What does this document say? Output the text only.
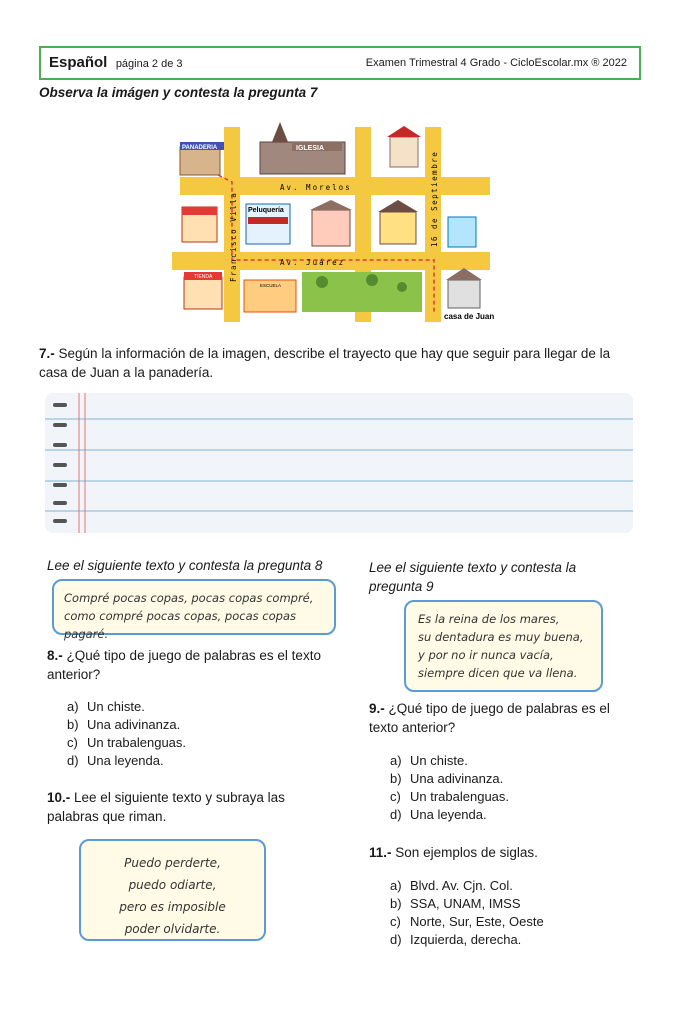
Español página 2 de 3	Examen Trimestral 4 Grado - CicloEscolar.mx ® 2022
Observa la imágen y contesta la pregunta 7
PANADERIA	IGLESIA
Peluquería
TIENDA
ESCUELA
Av. Morelos
Av. Juárez
Francisco Villa	16 de Septiembre
casa de Juan
7.- Según la información de la imagen, describe el trayecto que hay que seguir para llegar de la casa de Juan a la panadería.
Lee el siguiente texto y contesta la pregunta 8
Compré pocas copas, pocas copas compré,
como compré pocas copas, pocas copas pagaré.
8.- ¿Qué tipo de juego de palabras es el texto anterior?
a) Un chiste.
b) Una adivinanza.
c) Un trabalenguas.
d) Una leyenda.
10.- Lee el siguiente texto y subraya las palabras que riman.
Puedo perderte,
puedo odiarte,
pero es imposible
poder olvidarte.
Lee el siguiente texto y contesta la pregunta 9
Es la reina de los mares,
su dentadura es muy buena,
y por no ir nunca vacía,
siempre dicen que va llena.
9.- ¿Qué tipo de juego de palabras es el texto anterior?
a) Un chiste.
b) Una adivinanza.
c) Un trabalenguas.
d) Una leyenda.
11.- Son ejemplos de siglas.
a) Blvd. Av. Cjn. Col.
b) SSA, UNAM, IMSS
c) Norte, Sur, Este, Oeste
d) Izquierda, derecha.
